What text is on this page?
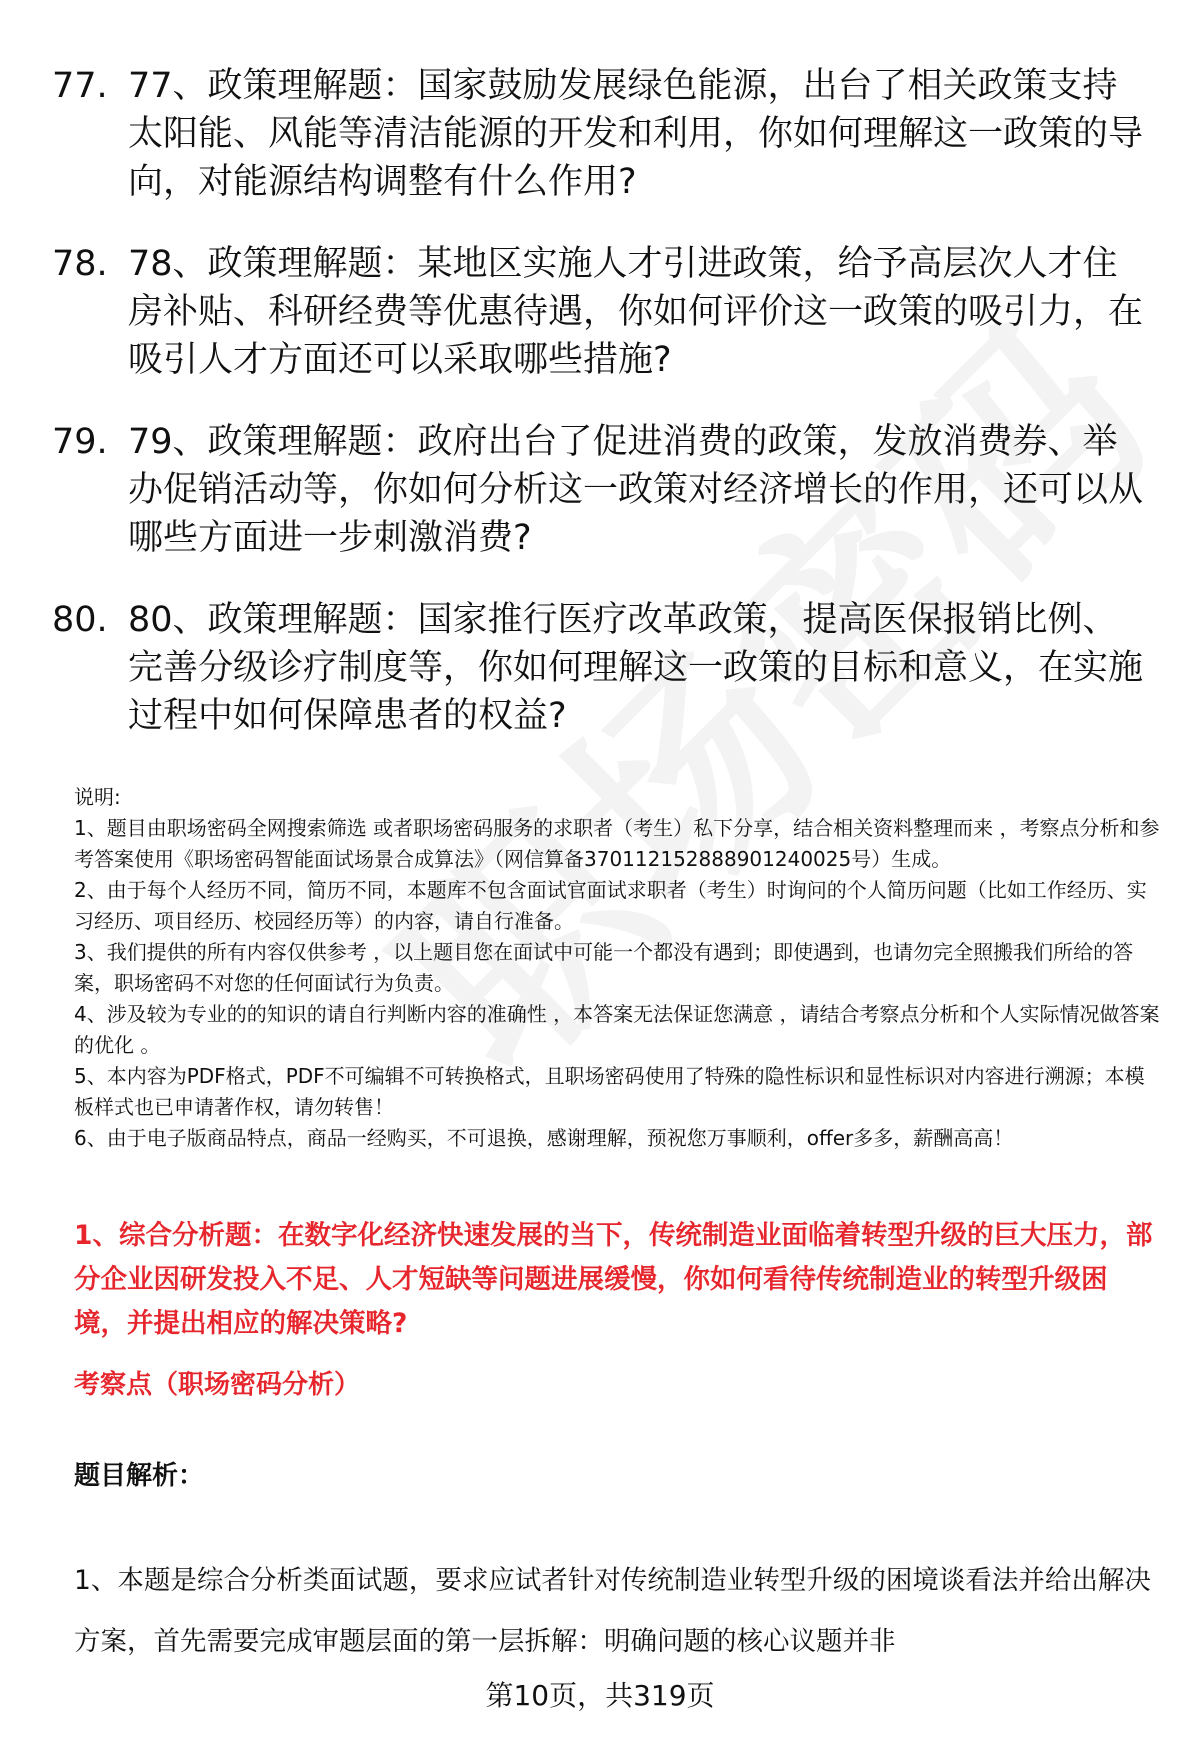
77. 77、政策理解题：国家鼓励发展绿色能源，出台了相关政策支持太阳能、风能等清洁能源的开发和利用，你如何理解这一政策的导向，对能源结构调整有什么作用?
78. 78、政策理解题：某地区实施人才引进政策，给予高层次人才住房补贴、科研经费等优惠待遇，你如何评价这一政策的吸引力，在吸引人才方面还可以采取哪些措施?
79. 79、政策理解题：政府出台了促进消费的政策，发放消费券、举办促销活动等，你如何分析这一政策对经济增长的作用，还可以从哪些方面进一步刺激消费?
80. 80、政策理解题：国家推行医疗改革政策，提高医保报销比例、完善分级诊疗制度等，你如何理解这一政策的目标和意义，在实施过程中如何保障患者的权益?
说明:
1、题目由职场密码全网搜索筛选 或者职场密码服务的求职者（考生）私下分享，结合相关资料整理而来 ，考察点分析和参考答案使用《职场密码智能面试场景合成算法》（网信算备370112152888901240025号）生成。
2、由于每个人经历不同，简历不同，本题库不包含面试官面试求职者（考生）时询问的个人简历问题（比如工作经历、实习经历、项目经历、校园经历等）的内容，请自行准备。
3、我们提供的所有内容仅供参考 ，以上题目您在面试中可能一个都没有遇到；即使遇到，也请勿完全照搬我们所给的答案，职场密码不对您的任何面试行为负责。
4、涉及较为专业的的知识的请自行判断内容的准确性 ，本答案无法保证您满意 ，请结合考察点分析和个人实际情况做答案的优化 。
5、本内容为PDF格式，PDF不可编辑不可转换格式，且职场密码使用了特殊的隐性标识和显性标识对内容进行溯源；本模板样式也已申请著作权，请勿转售！
6、由于电子版商品特点，商品一经购买，不可退换，感谢理解，预祝您万事顺利，offer多多，薪酬高高！
1、综合分析题：在数字化经济快速发展的当下，传统制造业面临着转型升级的巨大压力，部分企业因研发投入不足、人才短缺等问题进展缓慢，你如何看待传统制造业的转型升级困境，并提出相应的解决策略?
考察点（职场密码分析）
题目解析：
1、本题是综合分析类面试题，要求应试者针对传统制造业转型升级的困境谈看法并给出解决方案，首先需要完成审题层面的第一层拆解：明确问题的核心议题并非
第10页，共319页
